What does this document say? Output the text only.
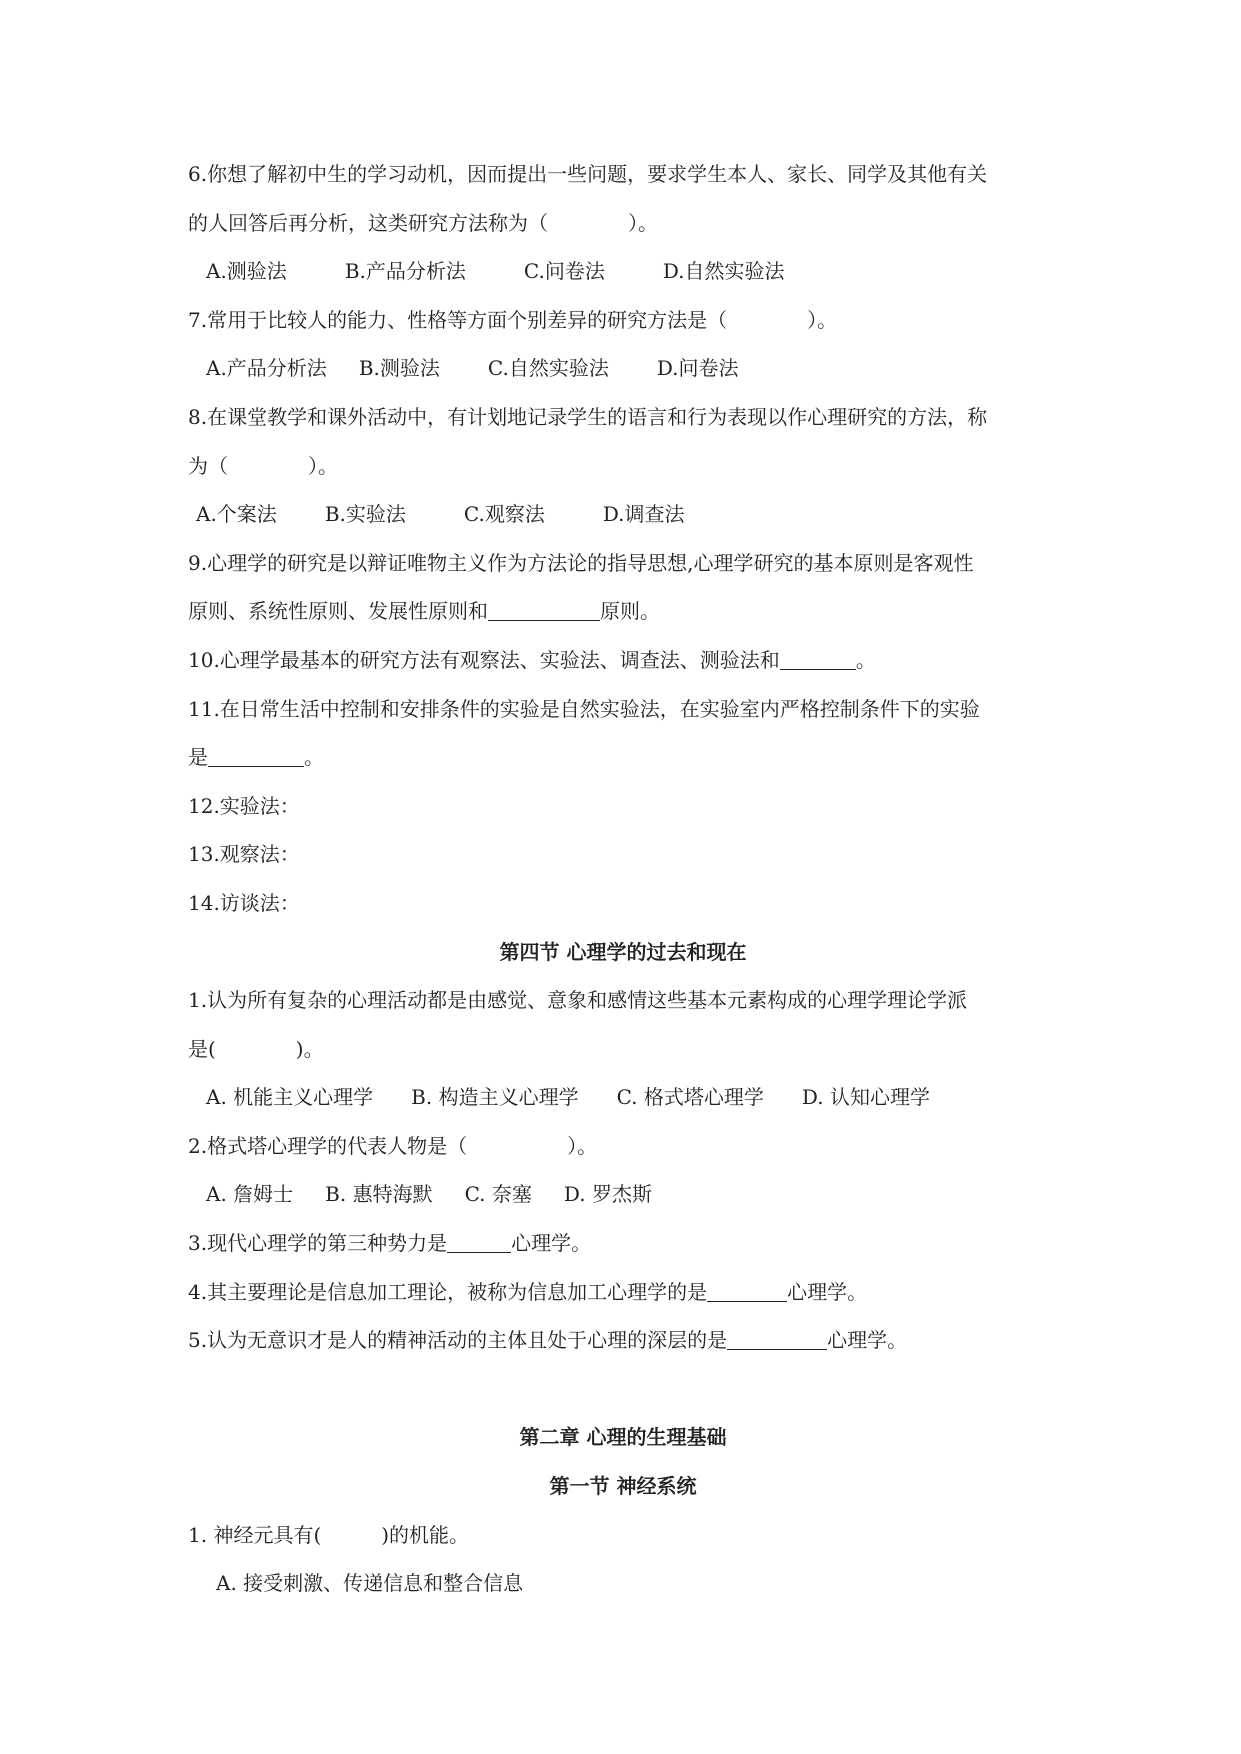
6.你想了解初中生的学习动机，因而提出一些问题，要求学生本人、家长、同学及其他有关
的人回答后再分析，这类研究方法称为（　　　　）。
A.测验法	B.产品分析法	C.问卷法	D.自然实验法
7.常用于比较人的能力、性格等方面个别差异的研究方法是（　　　　）。
A.产品分析法 B.测验法 C.自然实验法 D.问卷法
8.在课堂教学和课外活动中，有计划地记录学生的语言和行为表现以作心理研究的方法，称
为（　　　　）。
A.个案法 B.实验法	C.观察法	D.调查法
9.心理学的研究是以辩证唯物主义作为方法论的指导思想,心理学研究的基本原则是客观性
原则、系统性原则、发展性原则和	原则。
10.心理学最基本的研究方法有观察法、实验法、调查法、测验法和	。
11.在日常生活中控制和安排条件的实验是自然实验法，在实验室内严格控制条件下的实验
是	。
12.实验法：
13.观察法：
14.访谈法：
第四节 心理学的过去和现在
1.认为所有复杂的心理活动都是由感觉、意象和感情这些基本元素构成的心理学理论学派
是(　　　　)。
A. 机能主义心理学 B. 构造主义心理学 C. 格式塔心理学 D. 认知心理学
2.格式塔心理学的代表人物是（　　　　　）。
A. 詹姆士 B. 惠特海默 C. 奈塞 D. 罗杰斯
3.现代心理学的第三种势力是	心理学。
4.其主要理论是信息加工理论，被称为信息加工心理学的是	心理学。
5.认为无意识才是人的精神活动的主体且处于心理的深层的是	心理学。
第二章 心理的生理基础
第一节 神经系统
1. 神经元具有(　　　)的机能。
A. 接受刺激、传递信息和整合信息
